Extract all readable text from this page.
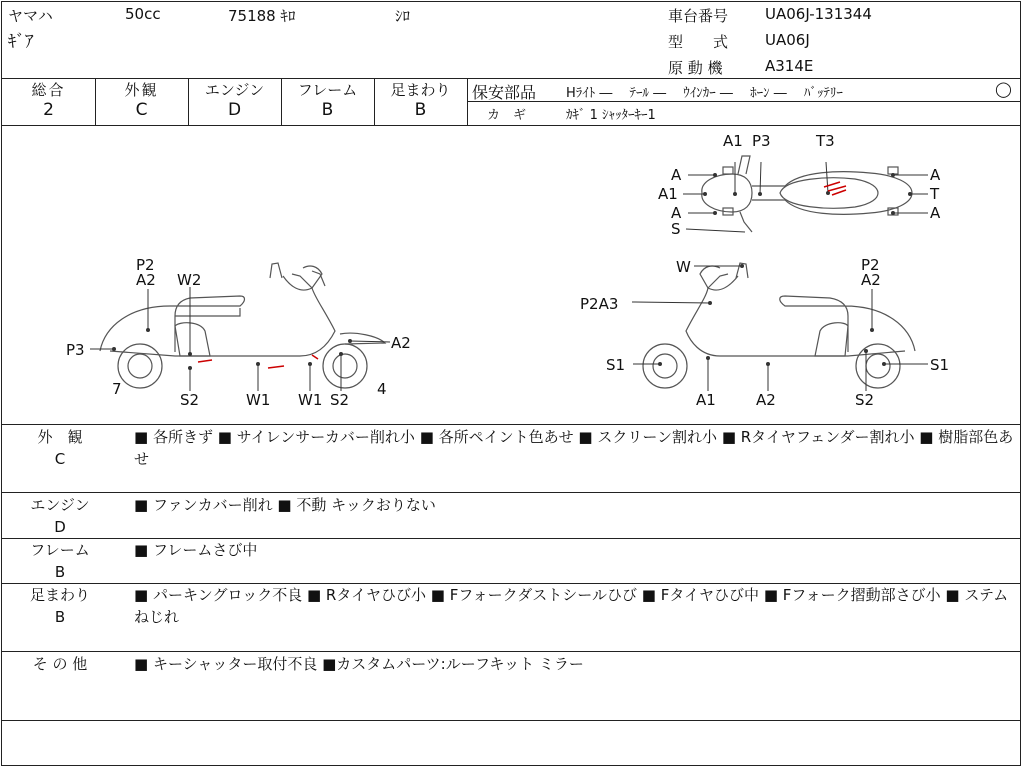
ヤマハ	50cc	75188 ｷﾛ	ｼﾛ
ｷﾞｱ
車台番号 UA06J-131344
型　　式 UA06J
原 動 機	A314E
総合
2
外観
C
エンジン
D
フレーム
B
足まわり
B
保安部品 Hﾗｲﾄ ―　 ﾃｰﾙ ―　 ｳｲﾝｶｰ ―　 ﾎｰﾝ ―　 ﾊﾞｯﾃﾘｰ	◯
カ　ギ	ｶｷﾞ 1 ｼｬｯﾀｰｷｰ1
A1 P3	T3
A
A1
A
S
A
T
A
P2
A2 W2
P3
7
S2	W1 W1 S2
4
A2
W	P2
A2
P2A3
S1
A1	A2	S2
S1
外　観
C
■ 各所きず ■ サイレンサーカバー削れ小 ■ 各所ペイント色あせ ■ スクリーン割れ小 ■ Rタイヤフェンダー割れ小 ■ 樹脂部色あせ
エンジン
D
■ ファンカバー削れ ■ 不動 キックおりない
フレーム
B
■ フレームさび中
足まわり
B
■ パーキングロック不良 ■ Rタイヤひび小 ■ Fフォークダストシールひび ■ Fタイヤひび中 ■ Fフォーク摺動部さび小 ■ ステムねじれ
そ の 他	■ キーシャッター取付不良 ■カスタムパーツ:ルーフキット ミラー
